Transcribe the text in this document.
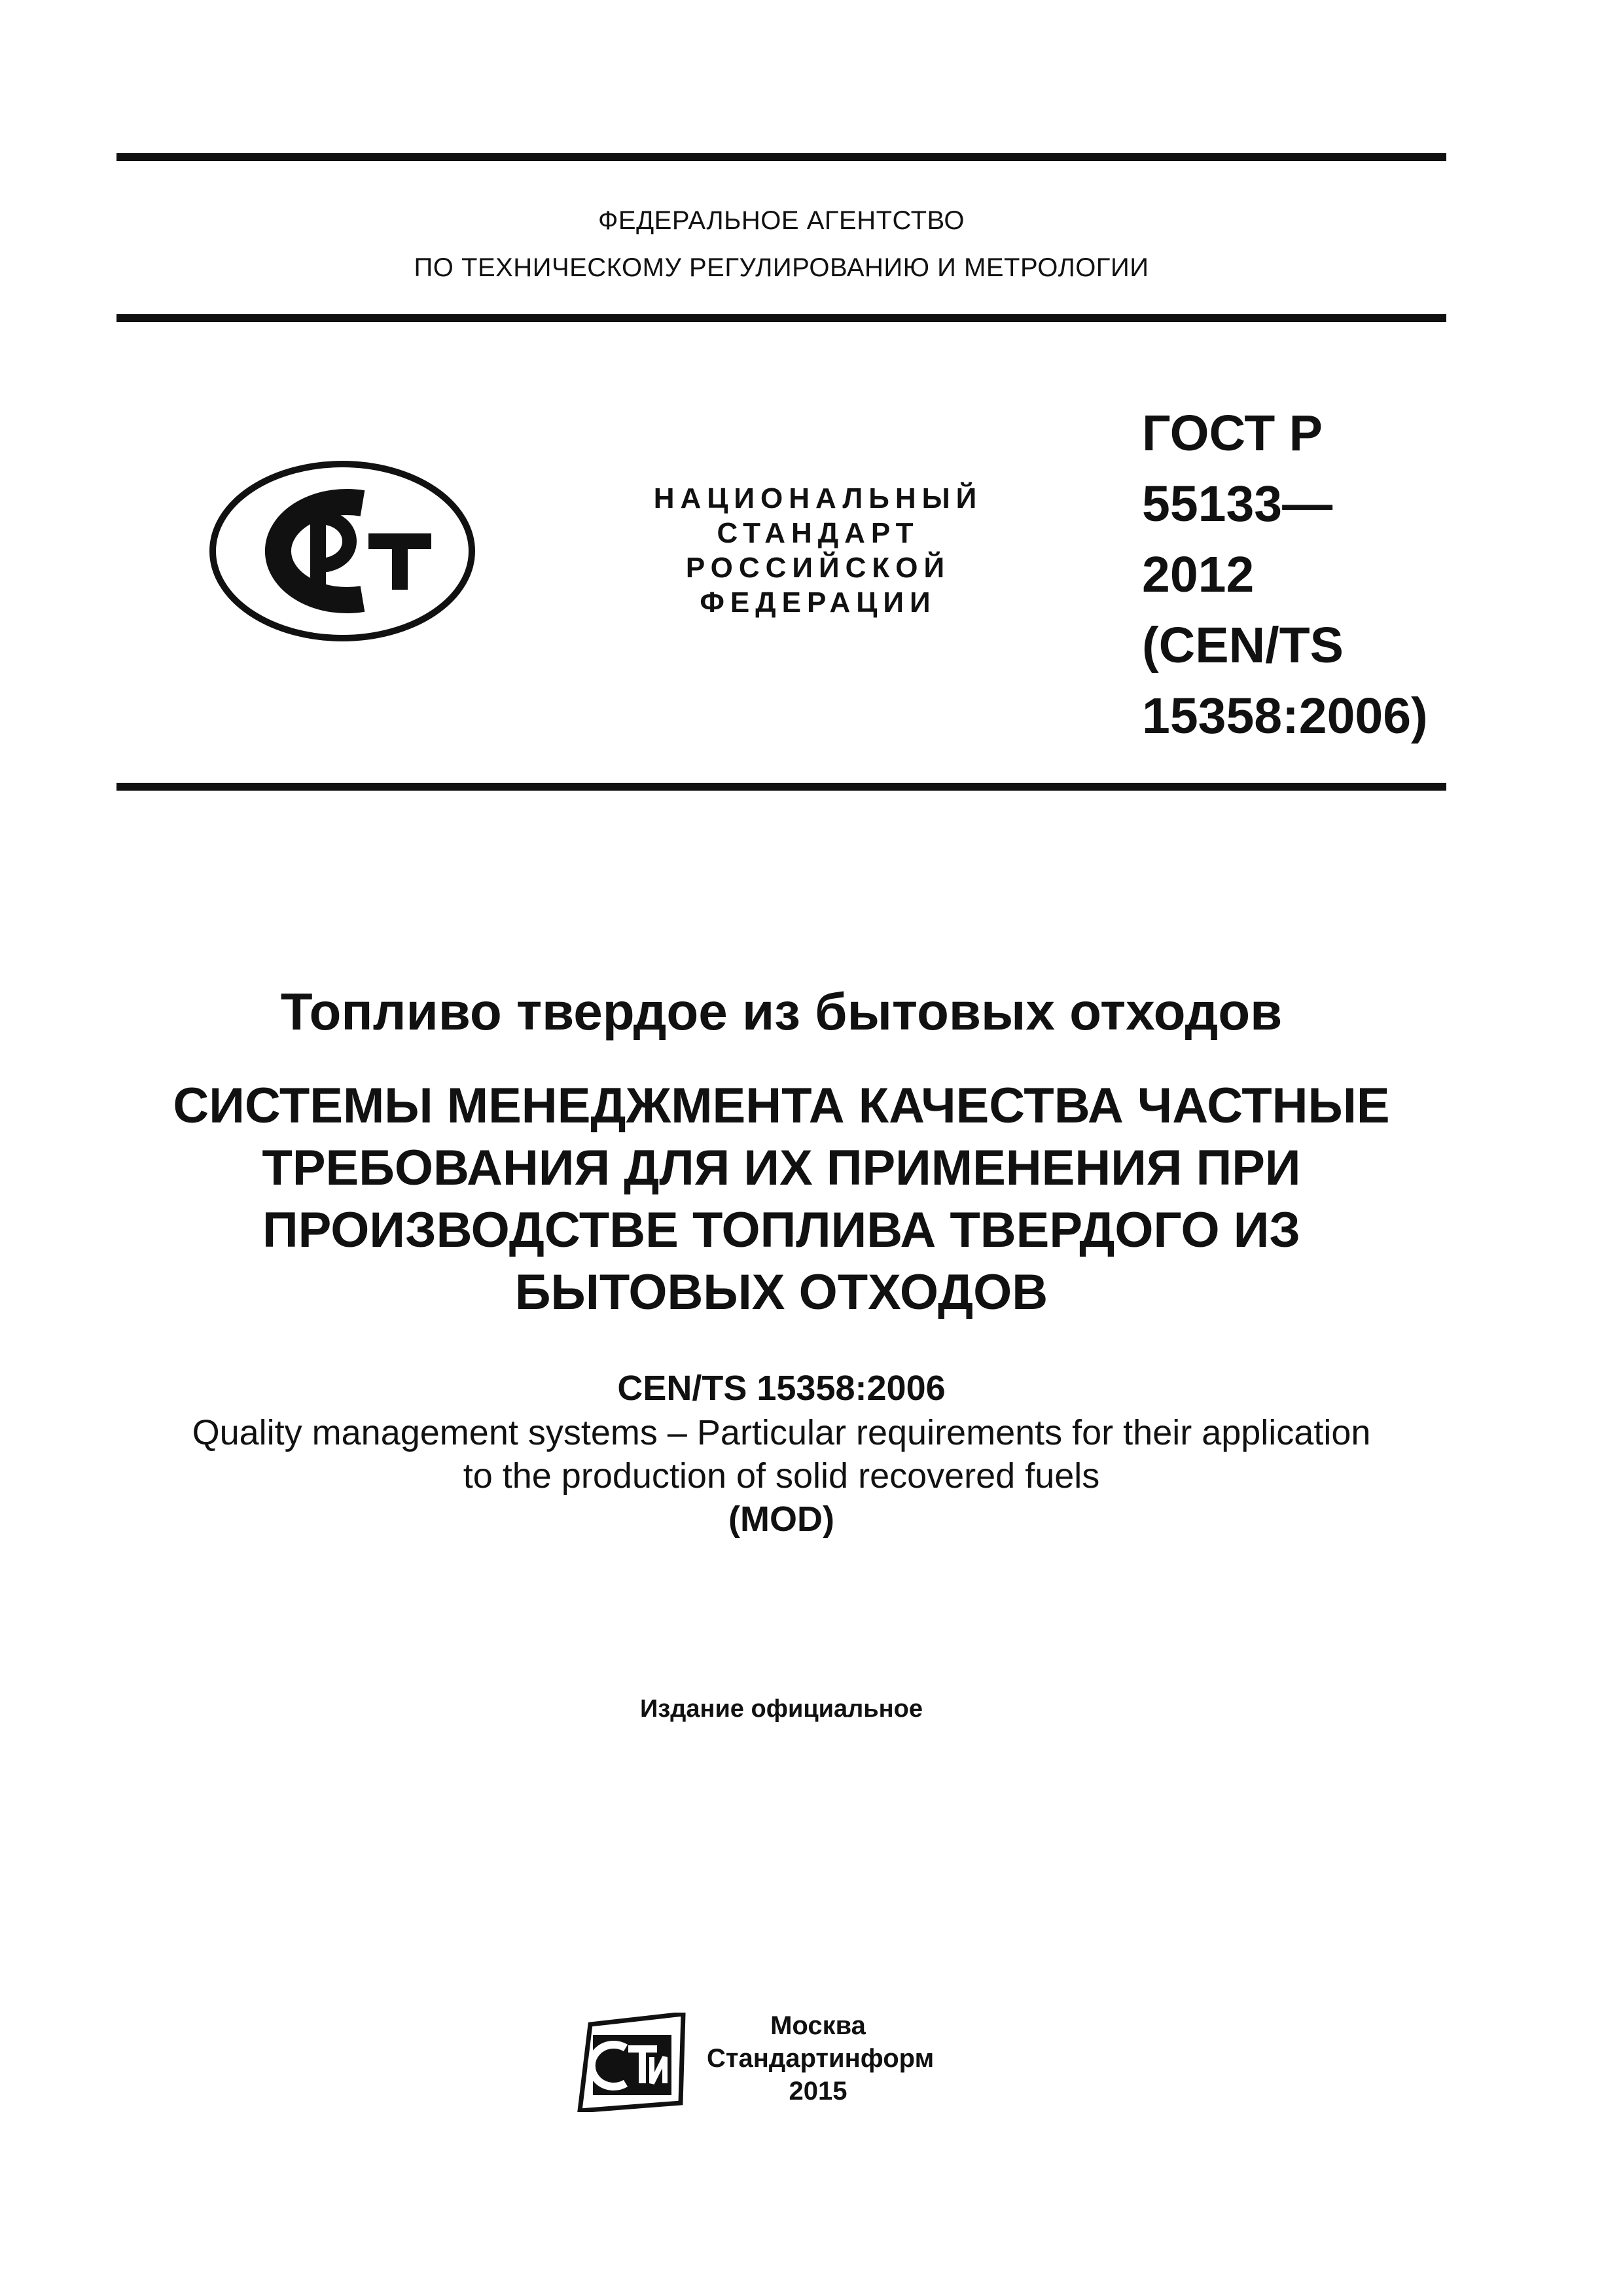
ФЕДЕРАЛЬНОЕ АГЕНТСТВО
ПО ТЕХНИЧЕСКОМУ РЕГУЛИРОВАНИЮ И МЕТРОЛОГИИ
РСТ
НАЦИОНАЛЬНЫЙ
СТАНДАРТ
РОССИЙСКОЙ
ФЕДЕРАЦИИ
ГОСТ Р
55133—
2012
(CEN/TS
15358:2006)
Топливо твердое из бытовых отходов
СИСТЕМЫ МЕНЕДЖМЕНТА КАЧЕСТВА ЧАСТНЫЕ
ТРЕБОВАНИЯ ДЛЯ ИХ ПРИМЕНЕНИЯ ПРИ
ПРОИЗВОДСТВЕ ТОПЛИВА ТВЕРДОГО ИЗ
БЫТОВЫХ ОТХОДОВ
CEN/TS 15358:2006
Quality management systems – Particular requirements for their application
to the production of solid recovered fuels
(MOD)
Издание официальное
СТИ
Москва
Стандартинформ
2015
